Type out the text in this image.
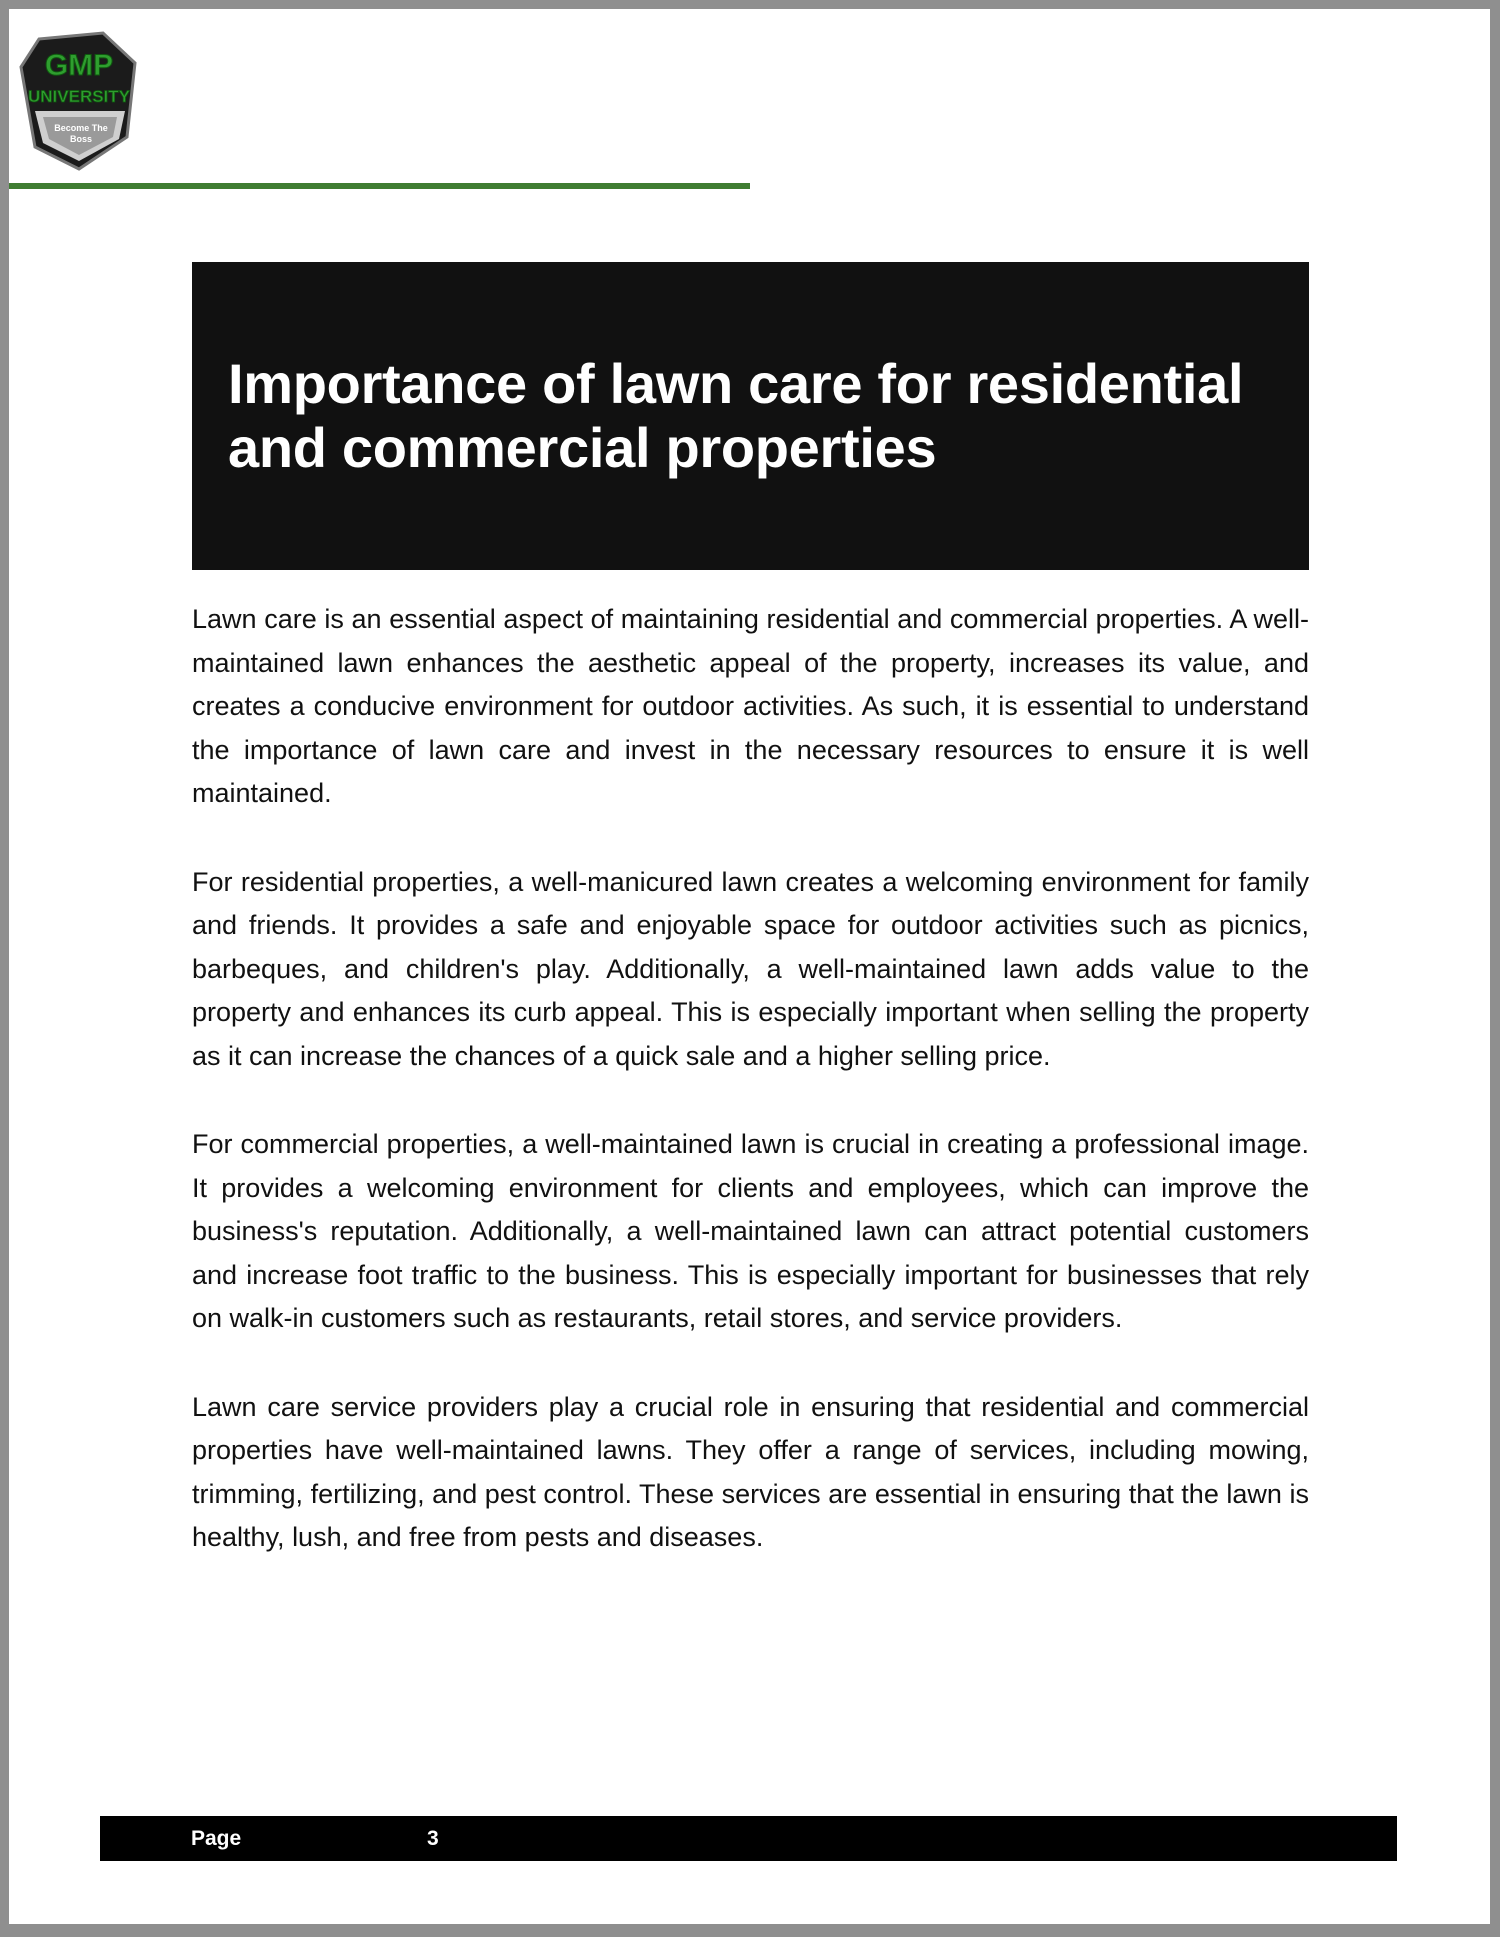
GMP
UNIVERSITY
Become The
Boss
Importance of lawn care for residential and commercial properties

Lawn care is an essential aspect of maintaining residential and commercial properties. A well-maintained lawn enhances the aesthetic appeal of the property, increases its value, and creates a conducive environment for outdoor activities. As such, it is essential to understand the importance of lawn care and invest in the necessary resources to ensure it is well maintained.

For residential properties, a well-manicured lawn creates a welcoming environment for family and friends. It provides a safe and enjoyable space for outdoor activities such as picnics, barbeques, and children's play. Additionally, a well-maintained lawn adds value to the property and enhances its curb appeal. This is especially important when selling the property as it can increase the chances of a quick sale and a higher selling price.

For commercial properties, a well-maintained lawn is crucial in creating a professional image. It provides a welcoming environment for clients and employees, which can improve the business's reputation. Additionally, a well-maintained lawn can attract potential customers and increase foot traffic to the business. This is especially important for businesses that rely on walk-in customers such as restaurants, retail stores, and service providers.

Lawn care service providers play a crucial role in ensuring that residential and commercial properties have well-maintained lawns. They offer a range of services, including mowing, trimming, fertilizing, and pest control. These services are essential in ensuring that the lawn is healthy, lush, and free from pests and diseases.

Page	3
